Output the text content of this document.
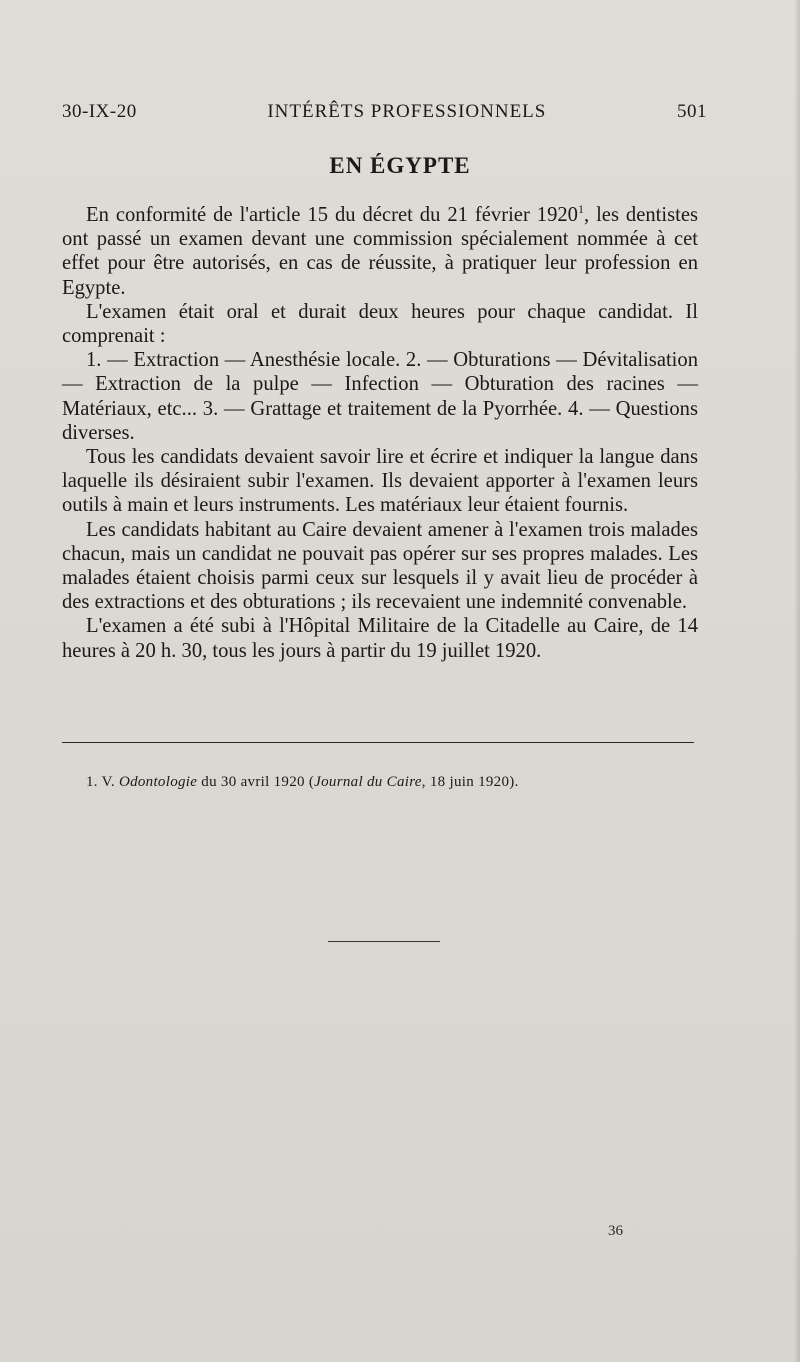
30-IX-20	INTÉRÊTS PROFESSIONNELS	501
EN ÉGYPTE

En conformité de l'article 15 du décret du 21 février 1920$^1$, les dentistes ont passé un examen devant une commission spécialement nommée à cet effet pour être autorisés, en cas de réussite, à pratiquer leur profession en Egypte.

L'examen était oral et durait deux heures pour chaque candidat. Il comprenait :

1. — Extraction — Anesthésie locale. 2. — Obturations — Dévitalisation — Extraction de la pulpe — Infection — Obturation des racines — Matériaux, etc... 3. — Grattage et traitement de la Pyorrhée. 4. — Questions diverses.

Tous les candidats devaient savoir lire et écrire et indiquer la langue dans laquelle ils désiraient subir l'examen. Ils devaient apporter à l'examen leurs outils à main et leurs instruments. Les matériaux leur étaient fournis.

Les candidats habitant au Caire devaient amener à l'examen trois malades chacun, mais un candidat ne pouvait pas opérer sur ses propres malades. Les malades étaient choisis parmi ceux sur lesquels il y avait lieu de procéder à des extractions et des obturations ; ils recevaient une indemnité convenable.

L'examen a été subi à l'Hôpital Militaire de la Citadelle au Caire, de 14 heures à 20 h. 30, tous les jours à partir du 19 juillet 1920.

1. V. Odontologie du 30 avril 1920 (Journal du Caire, 18 juin 1920).
36
